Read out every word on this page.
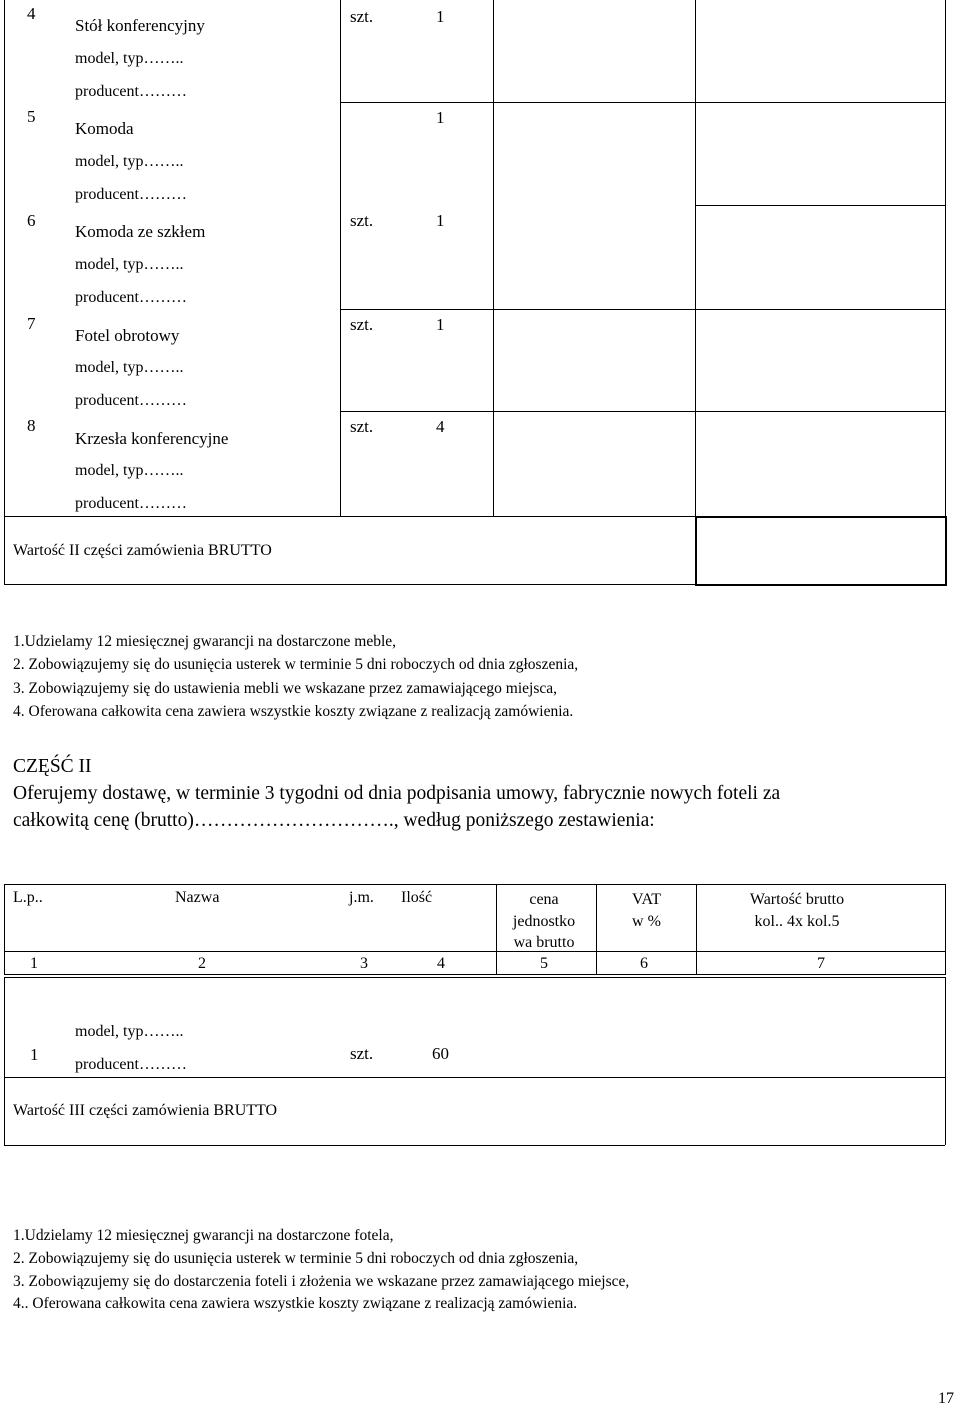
4
Stół konferencyjny
model, typ……..
producent………
szt.	1
5
Komoda
model, typ……..
producent………
1
6
Komoda ze szkłem
model, typ……..
producent………
szt.	1
7
Fotel obrotowy
model, typ……..
producent………
szt.	1
8
Krzesła konferencyjne
model, typ……..
producent………
szt.	4
Wartość II części zamówienia BRUTTO
1.Udzielamy 12 miesięcznej gwarancji na dostarczone meble,
2. Zobowiązujemy się do usunięcia usterek w terminie 5 dni roboczych od dnia zgłoszenia,
3. Zobowiązujemy się do ustawienia mebli we wskazane przez zamawiającego miejsca,
4. Oferowana całkowita cena zawiera wszystkie koszty związane z realizacją zamówienia.
CZĘŚĆ II
Oferujemy dostawę, w terminie 3 tygodni od dnia podpisania umowy, fabrycznie nowych foteli za
całkowitą cenę (brutto)…………………………., według poniższego zestawienia:
L.p..	Nazwa	j.m. Ilość	cena
jednostko
wa brutto
VAT
w %
Wartość brutto
kol.. 4x kol.5
1	2	3	4	5	6	7
1
model, typ……..
producent………
szt.	60
Wartość III części zamówienia BRUTTO
1.Udzielamy 12 miesięcznej gwarancji na dostarczone fotela,
2. Zobowiązujemy się do usunięcia usterek w terminie 5 dni roboczych od dnia zgłoszenia,
3. Zobowiązujemy się do dostarczenia foteli i złożenia we wskazane przez zamawiającego miejsce,
4.. Oferowana całkowita cena zawiera wszystkie koszty związane z realizacją zamówienia.
17
